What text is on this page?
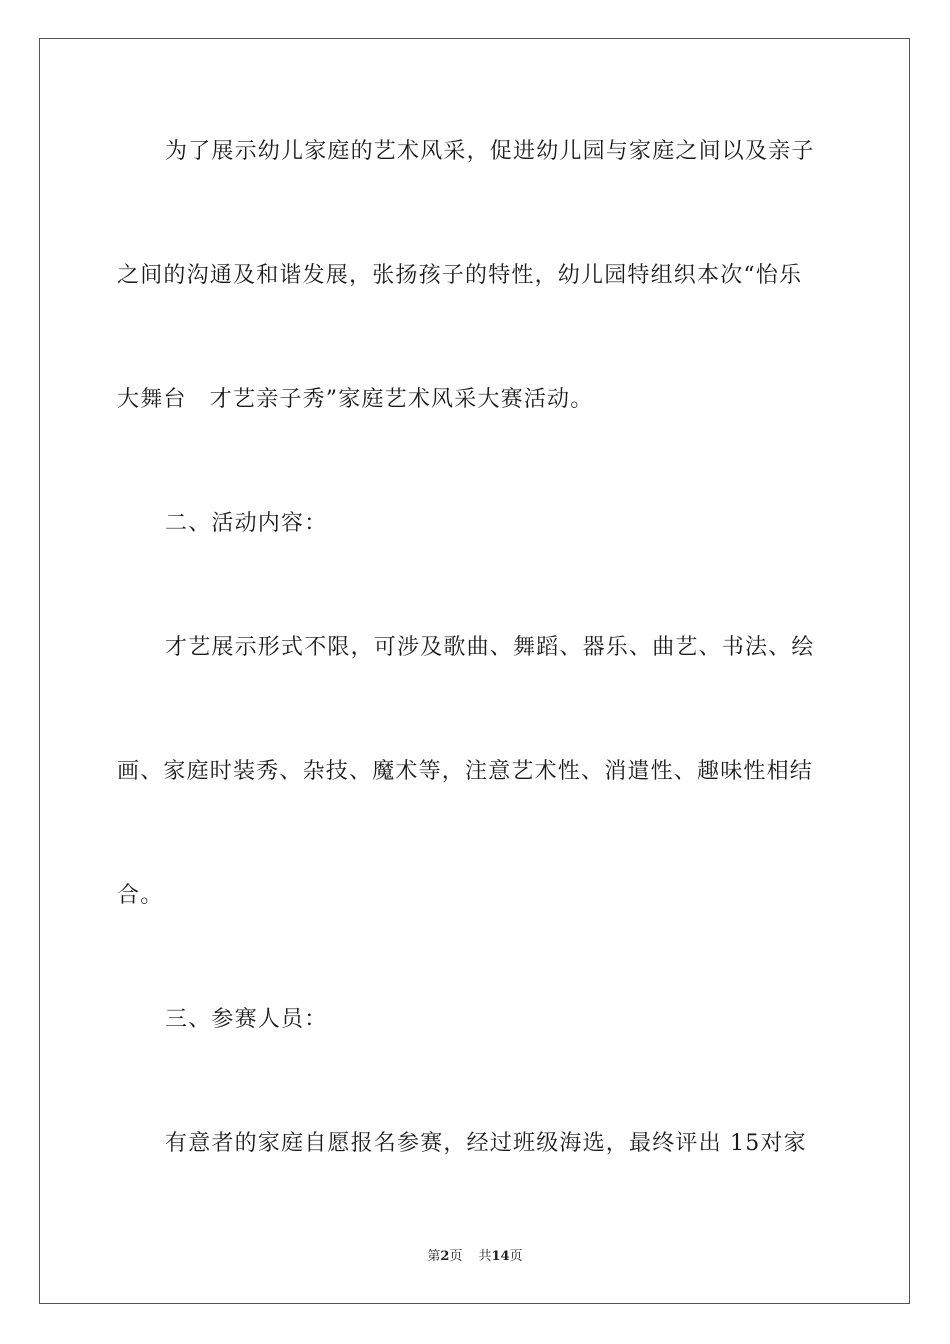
为了展示幼儿家庭的艺术风采，促进幼儿园与家庭之间以及亲子
之间的沟通及和谐发展，张扬孩子的特性，幼儿园特组织本次“怡乐
大舞台　才艺亲子秀”家庭艺术风采大赛活动。
二、活动内容：
才艺展示形式不限，可涉及歌曲、舞蹈、器乐、曲艺、书法、绘
画、家庭时装秀、杂技、魔术等，注意艺术性、消遣性、趣味性相结
合。
三、参赛人员：
有意者的家庭自愿报名参赛，经过班级海选，最终评出 15对家
第2页 共14页
